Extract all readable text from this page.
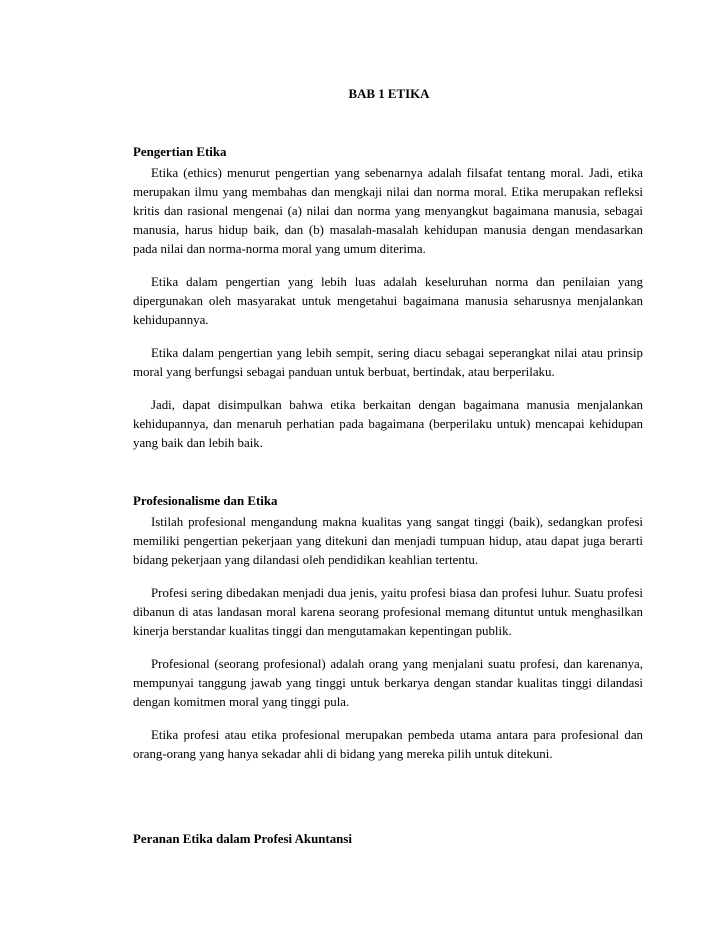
BAB 1 ETIKA
Pengertian Etika

Etika (ethics) menurut pengertian yang sebenarnya adalah filsafat tentang moral. Jadi, etika merupakan ilmu yang membahas dan mengkaji nilai dan norma moral. Etika merupakan refleksi kritis dan rasional mengenai (a) nilai dan norma yang menyangkut bagaimana manusia, sebagai manusia, harus hidup baik, dan (b) masalah-masalah kehidupan manusia dengan mendasarkan pada nilai dan norma-norma moral yang umum diterima.

Etika dalam pengertian yang lebih luas adalah keseluruhan norma dan penilaian yang dipergunakan oleh masyarakat untuk mengetahui bagaimana manusia seharusnya menjalankan kehidupannya.

Etika dalam pengertian yang lebih sempit, sering diacu sebagai seperangkat nilai atau prinsip moral yang berfungsi sebagai panduan untuk berbuat, bertindak, atau berperilaku.

Jadi, dapat disimpulkan bahwa etika berkaitan dengan bagaimana manusia menjalankan kehidupannya, dan menaruh perhatian pada bagaimana (berperilaku untuk) mencapai kehidupan yang baik dan lebih baik.

Profesionalisme dan Etika

Istilah profesional mengandung makna kualitas yang sangat tinggi (baik), sedangkan profesi memiliki pengertian pekerjaan yang ditekuni dan menjadi tumpuan hidup, atau dapat juga berarti bidang pekerjaan yang dilandasi oleh pendidikan keahlian tertentu.

Profesi sering dibedakan menjadi dua jenis, yaitu profesi biasa dan profesi luhur. Suatu profesi dibanun di atas landasan moral karena seorang profesional memang dituntut untuk menghasilkan kinerja berstandar kualitas tinggi dan mengutamakan kepentingan publik.

Profesional (seorang profesional) adalah orang yang menjalani suatu profesi, dan karenanya, mempunyai tanggung jawab yang tinggi untuk berkarya dengan standar kualitas tinggi dilandasi dengan komitmen moral yang tinggi pula.

Etika profesi atau etika profesional merupakan pembeda utama antara para profesional dan orang-orang yang hanya sekadar ahli di bidang yang mereka pilih untuk ditekuni.

Peranan Etika dalam Profesi Akuntansi
